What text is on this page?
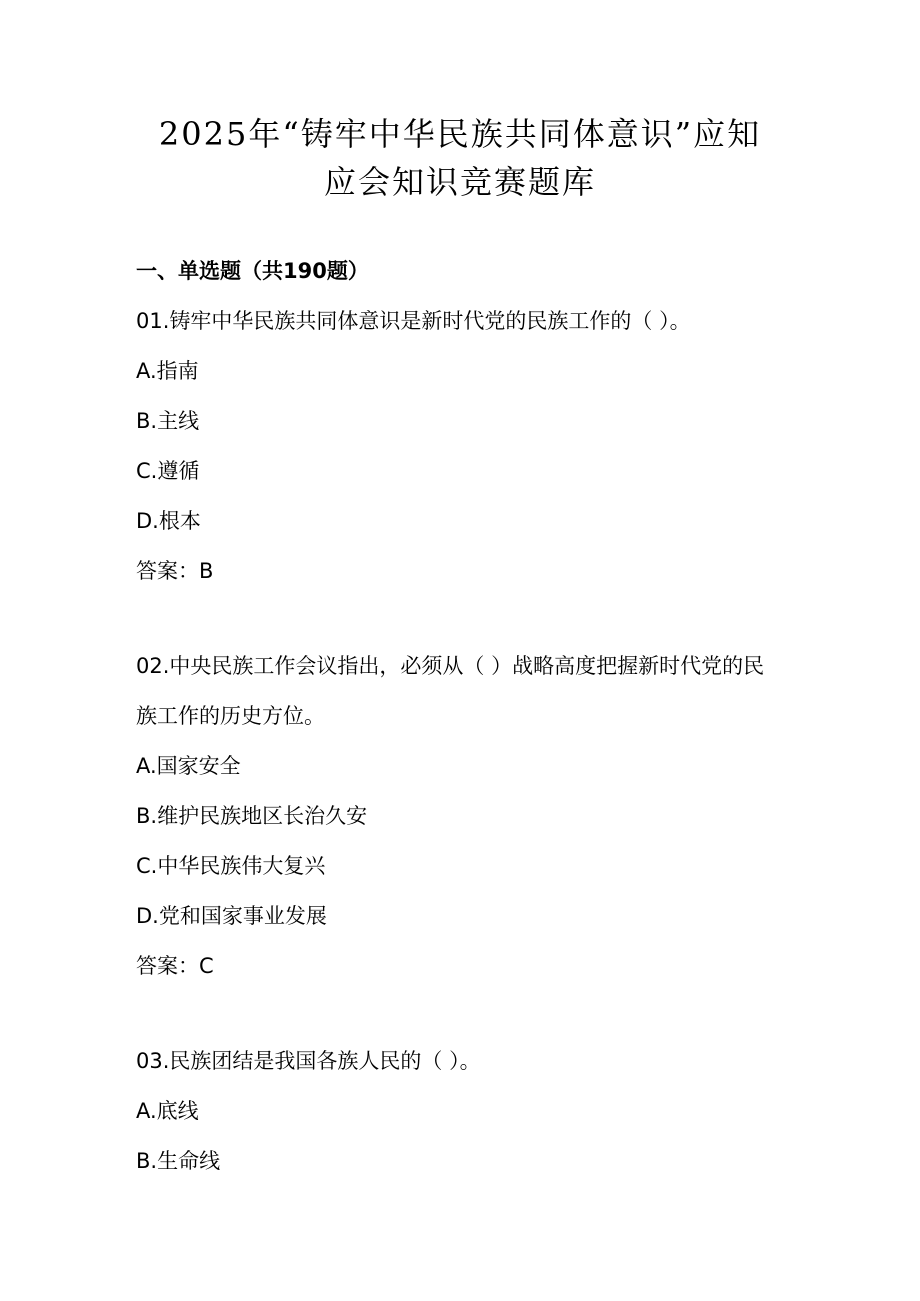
2025年“铸牢中华民族共同体意识”应知
应会知识竞赛题库
一、单选题（共190题）
01.铸牢中华民族共同体意识是新时代党的民族工作的（ ）。
A.指南
B.主线
C.遵循
D.根本
答案：B
02.中央民族工作会议指出，必须从（ ）战略高度把握新时代党的民
族工作的历史方位。
A.国家安全
B.维护民族地区长治久安
C.中华民族伟大复兴
D.党和国家事业发展
答案：C
03.民族团结是我国各族人民的（ ）。
A.底线
B.生命线
